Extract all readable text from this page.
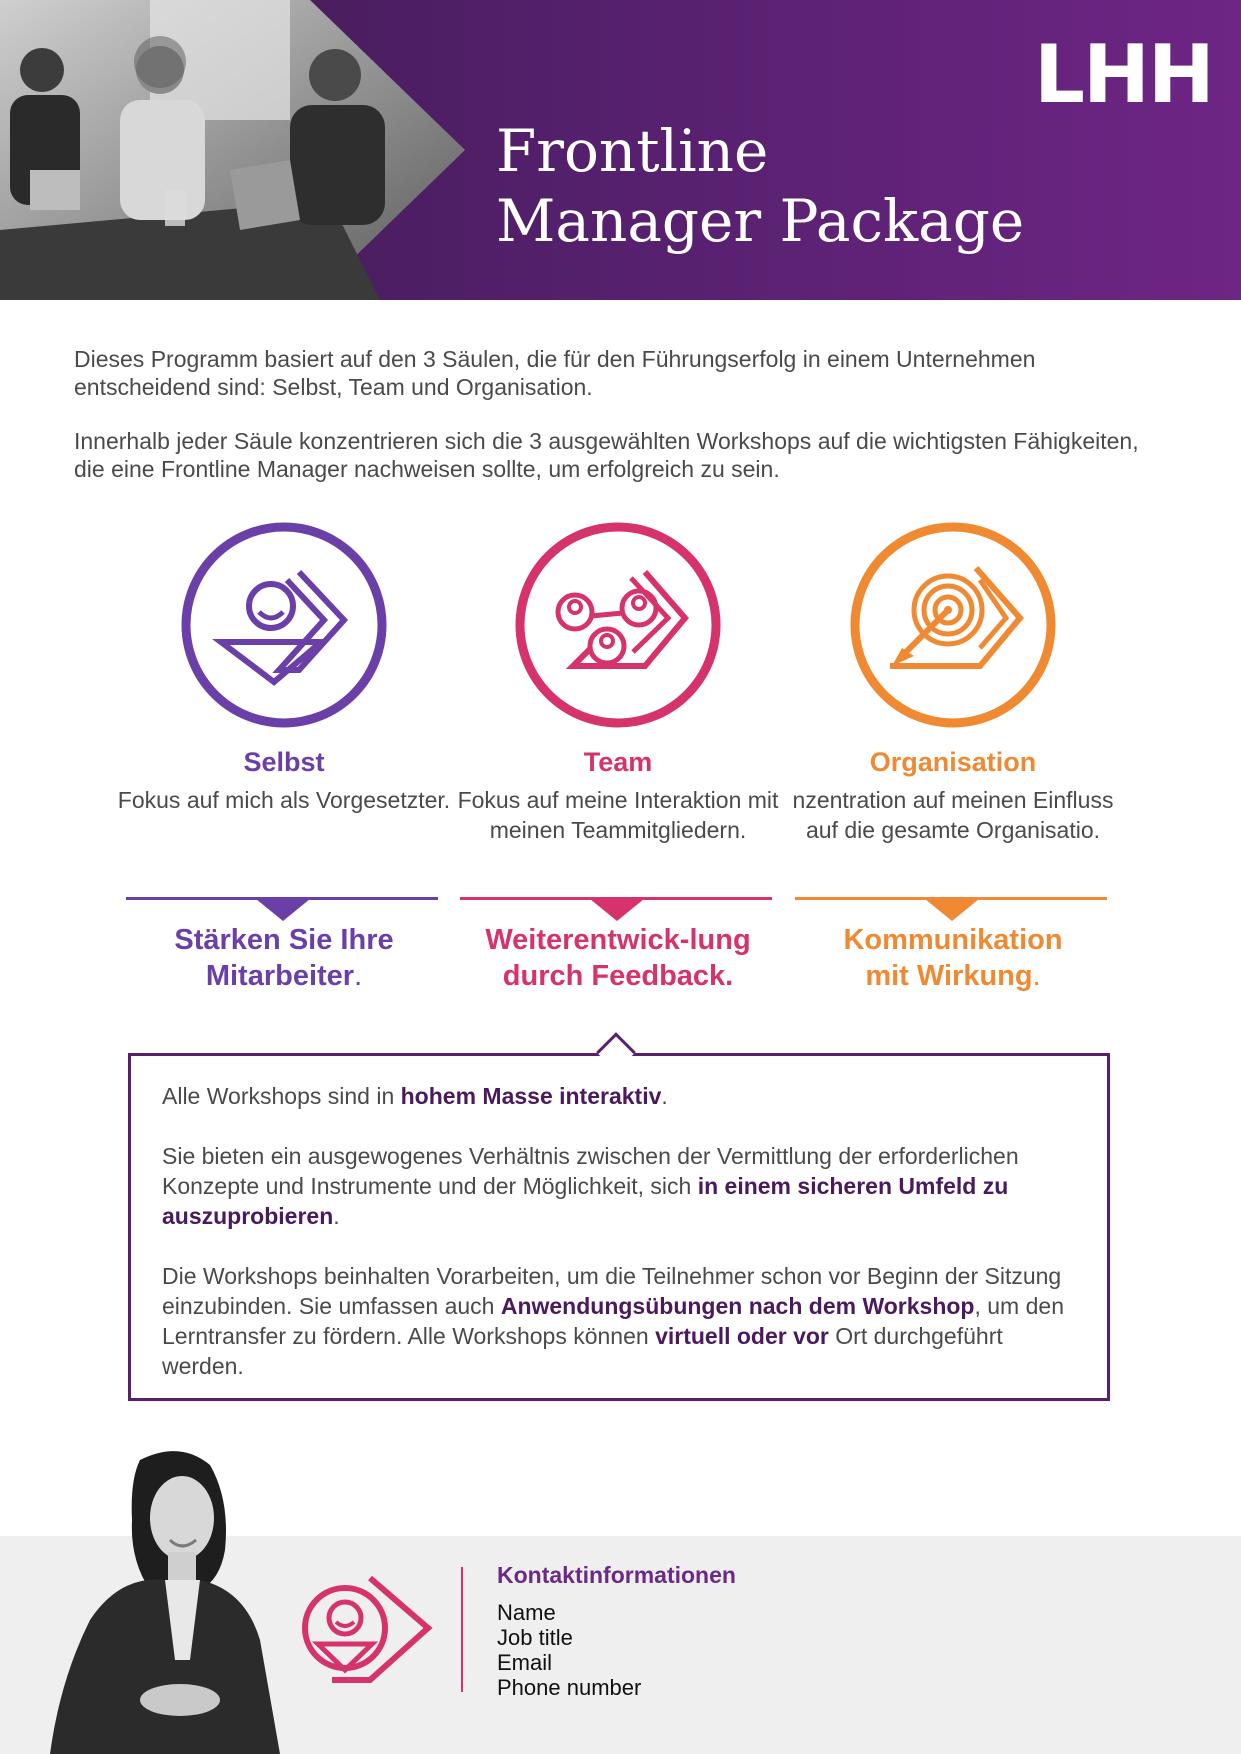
LHH
Frontline
Manager Package

Dieses Programm basiert auf den 3 Säulen, die für den Führungserfolg in einem Unternehmen entscheidend sind: Selbst, Team und Organisation.

Innerhalb jeder Säule konzentrieren sich die 3 ausgewählten Workshops auf die wichtigsten Fähigkeiten, die eine Frontline Manager nachweisen sollte, um erfolgreich zu sein.

Selbst
Fokus auf mich als Vorgesetzter.
Stärken Sie Ihre
Mitarbeiter.
Team
Fokus auf meine Interaktion mit meinen Teammitgliedern.
Weiterentwick-lung
durch Feedback.
Organisation
nzentration auf meinen Einfluss auf die gesamte Organisatio.
Kommunikation
mit Wirkung.

Alle Workshops sind in hohem Masse interaktiv.

Sie bieten ein ausgewogenes Verhältnis zwischen der Vermittlung der erforderlichen Konzepte und Instrumente und der Möglichkeit, sich in einem sicheren Umfeld zu auszuprobieren.

Die Workshops beinhalten Vorarbeiten, um die Teilnehmer schon vor Beginn der Sitzung einzubinden. Sie umfassen auch Anwendungsübungen nach dem Workshop, um den Lerntransfer zu fördern. Alle Workshops können virtuell oder vor Ort durchgeführt werden.

Kontaktinformationen
Name
Job title
Email
Phone number
